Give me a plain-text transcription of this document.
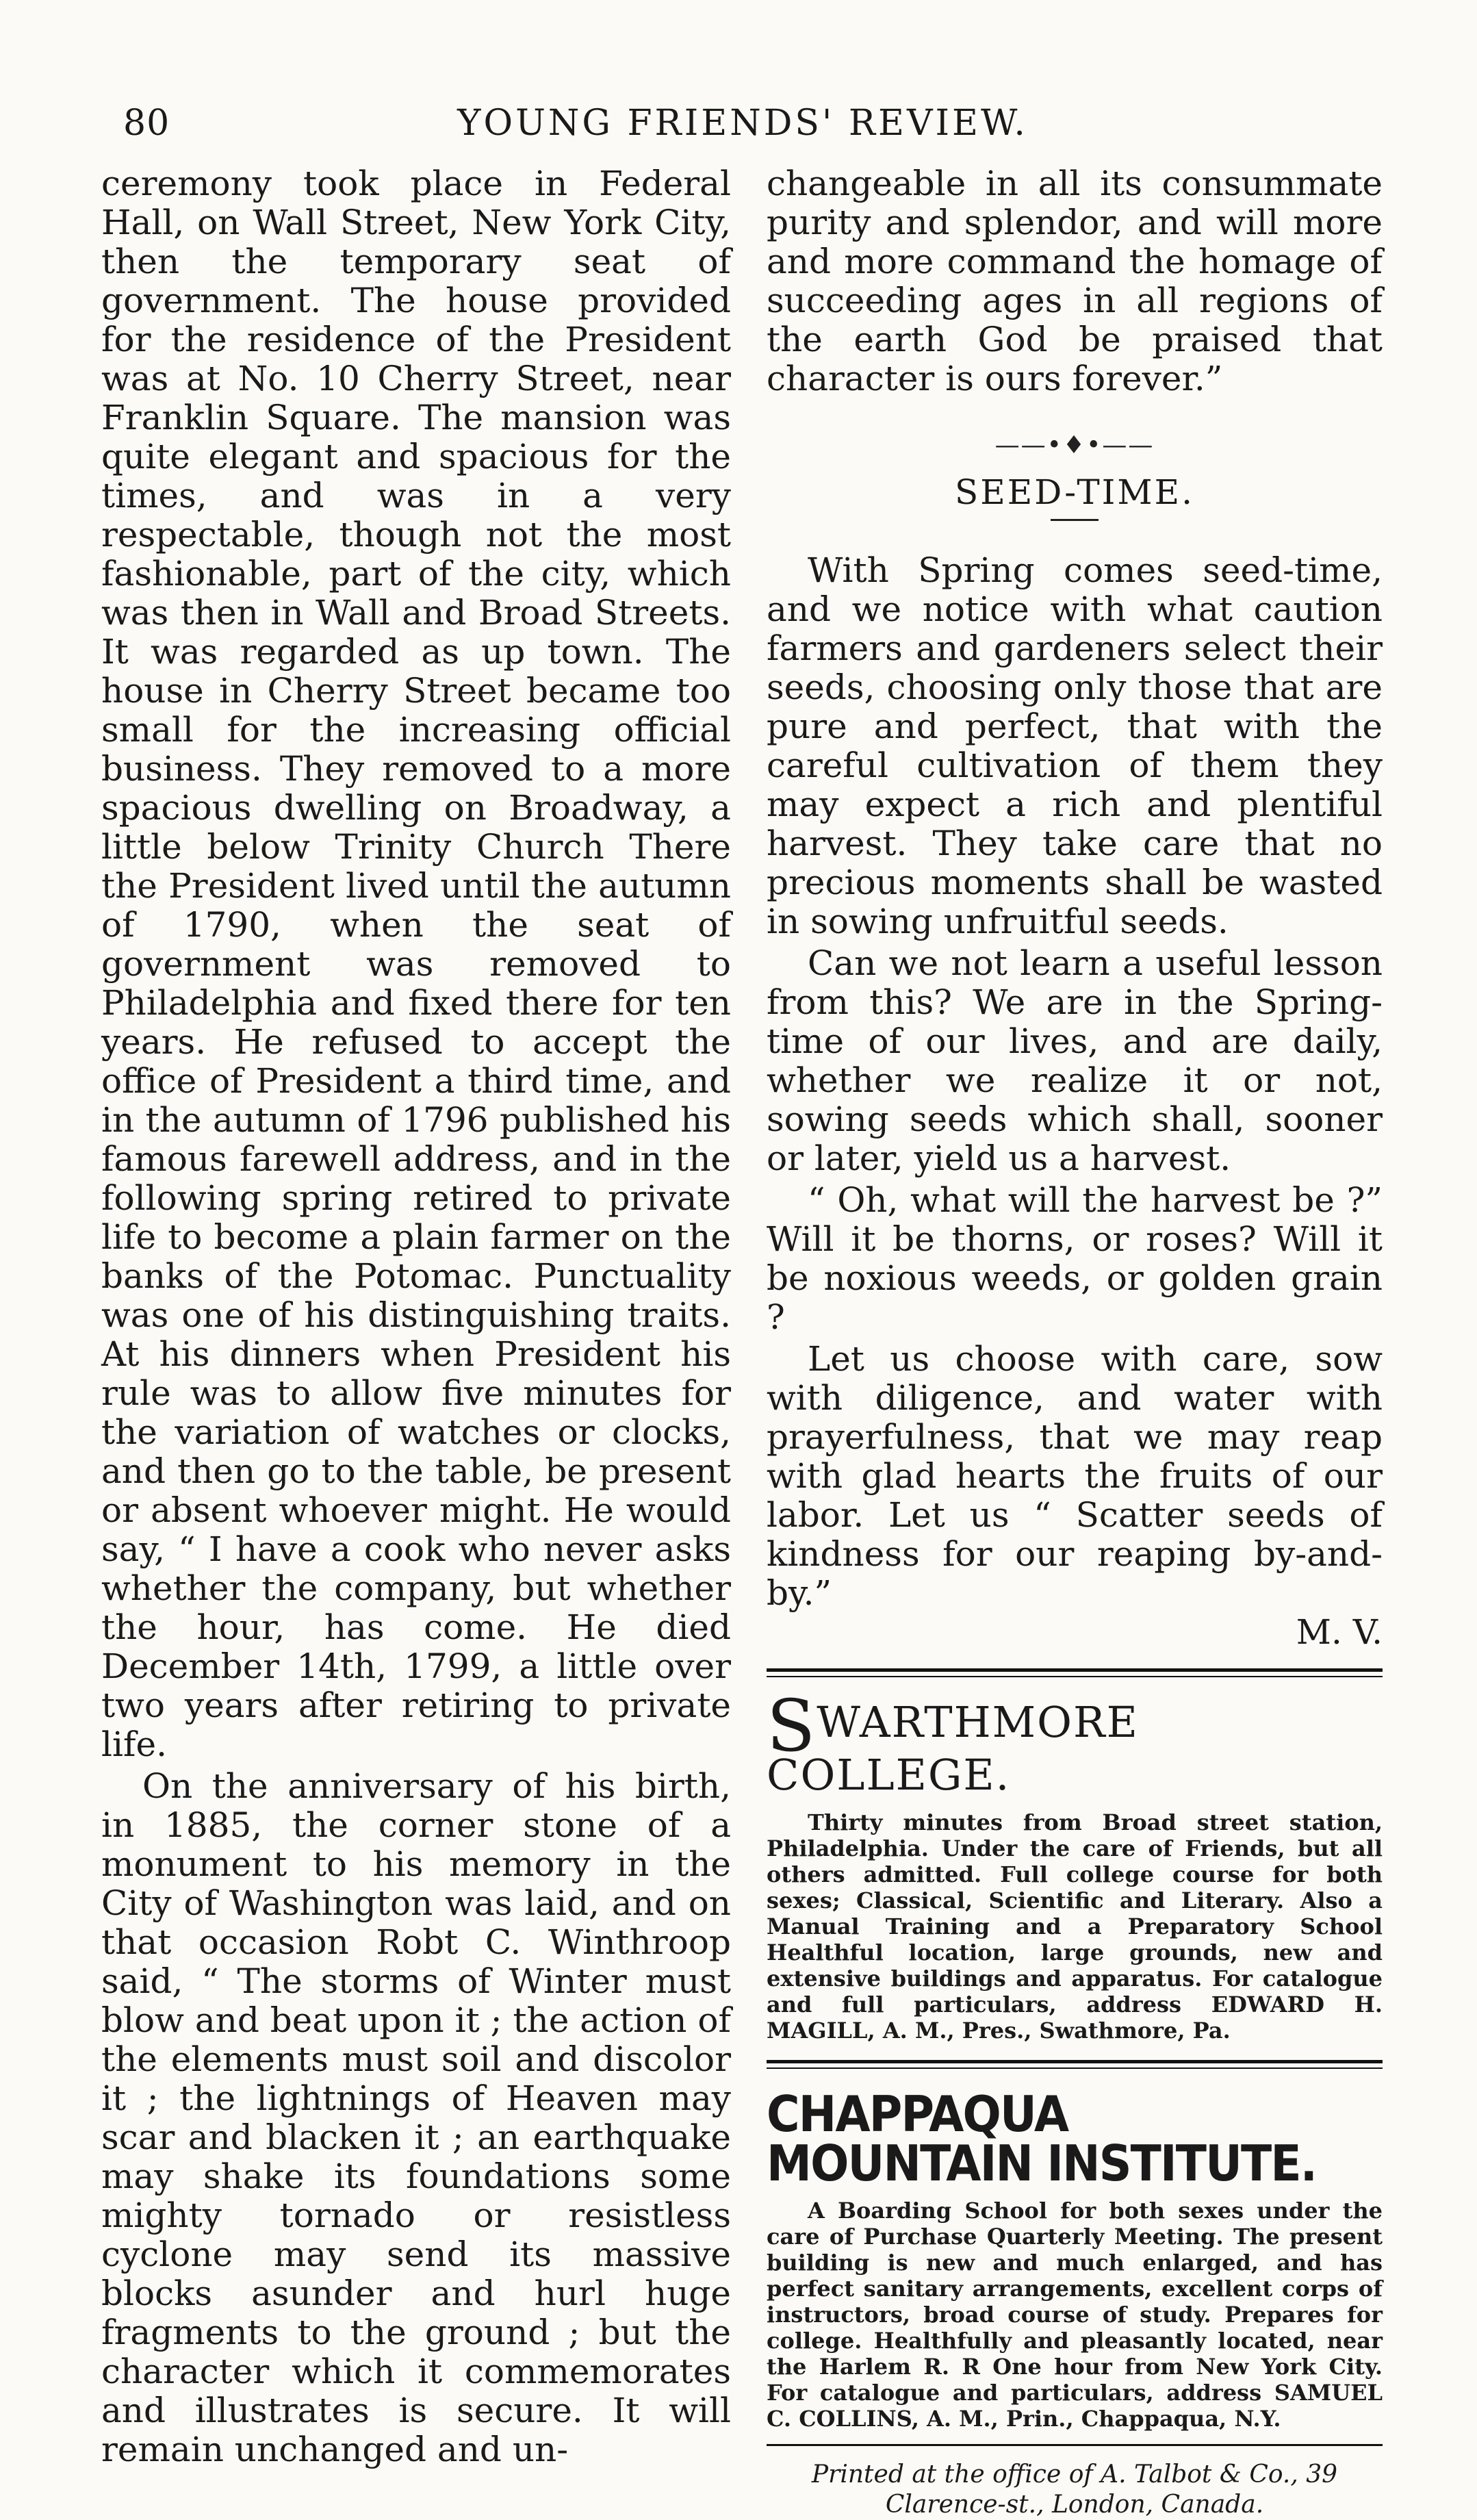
80	YOUNG FRIENDS' REVIEW.

ceremony took place in Federal Hall, on Wall Street, New York City, then the temporary seat of government. The house provided for the residence of the President was at No. 10 Cherry Street, near Franklin Square. The mansion was quite elegant and spacious for the times, and was in a very respectable, though not the most fashionable, part of the city, which was then in Wall and Broad Streets. It was regarded as up town. The house in Cherry Street became too small for the increasing official business. They removed to a more spacious dwelling on Broadway, a little below Trinity Church There the President lived until the autumn of 1790, when the seat of government was removed to Philadelphia and fixed there for ten years. He refused to accept the office of President a third time, and in the autumn of 1796 published his famous farewell address, and in the following spring retired to private life to become a plain farmer on the banks of the Potomac. Punctuality was one of his distinguishing traits. At his dinners when President his rule was to allow five minutes for the variation of watches or clocks, and then go to the table, be present or absent whoever might. He would say, “ I have a cook who never asks whether the company, but whether the hour, has come. He died December 14th, 1799, a little over two years after retiring to private life.

On the anniversary of his birth, in 1885, the corner stone of a monument to his memory in the City of Washington was laid, and on that occasion Robt C. Winthroop said, “ The storms of Winter must blow and beat upon it ; the action of the elements must soil and discolor it ; the lightnings of Heaven may scar and blacken it ; an earthquake may shake its foundations some mighty tornado or resistless cyclone may send its massive blocks asunder and hurl huge fragments to the ground ; but the character which it commemorates and illustrates is secure. It will remain unchanged and un-

changeable in all its consummate purity and splendor, and will more and more command the homage of succeeding ages in all regions of the earth God be praised that character is ours forever.”

——•♦•——
SEED-TIME.

With Spring comes seed-time, and we notice with what caution farmers and gardeners select their seeds, choosing only those that are pure and perfect, that with the careful cultivation of them they may expect a rich and plentiful harvest. They take care that no precious moments shall be wasted in sowing unfruitful seeds.

Can we not learn a useful lesson from this? We are in the Spring-time of our lives, and are daily, whether we realize it or not, sowing seeds which shall, sooner or later, yield us a harvest.

“ Oh, what will the harvest be ?” Will it be thorns, or roses? Will it be noxious weeds, or golden grain ?

Let us choose with care, sow with diligence, and water with prayerfulness, that we may reap with glad hearts the fruits of our labor. Let us “ Scatter seeds of kindness for our reaping by-and-by.”

M. V.
SWARTHMORE COLLEGE.

Thirty minutes from Broad street station, Philadelphia. Under the care of Friends, but all others admitted. Full college course for both sexes; Classical, Scientific and Literary. Also a Manual Training and a Preparatory School Healthful location, large grounds, new and extensive buildings and apparatus. For catalogue and full particulars, address EDWARD H. MAGILL, A. M., Pres., Swathmore, Pa.

CHAPPAQUA MOUNTAIN INSTITUTE.

A Boarding School for both sexes under the care of Purchase Quarterly Meeting. The present building is new and much enlarged, and has perfect sanitary arrangements, excellent corps of instructors, broad course of study. Prepares for college. Healthfully and pleasantly located, near the Harlem R. R One hour from New York City. For catalogue and particulars, address SAMUEL C. COLLINS, A. M., Prin., Chappaqua, N.Y.

Printed at the office of A. Talbot & Co., 39 Clarence-st., London, Canada.
